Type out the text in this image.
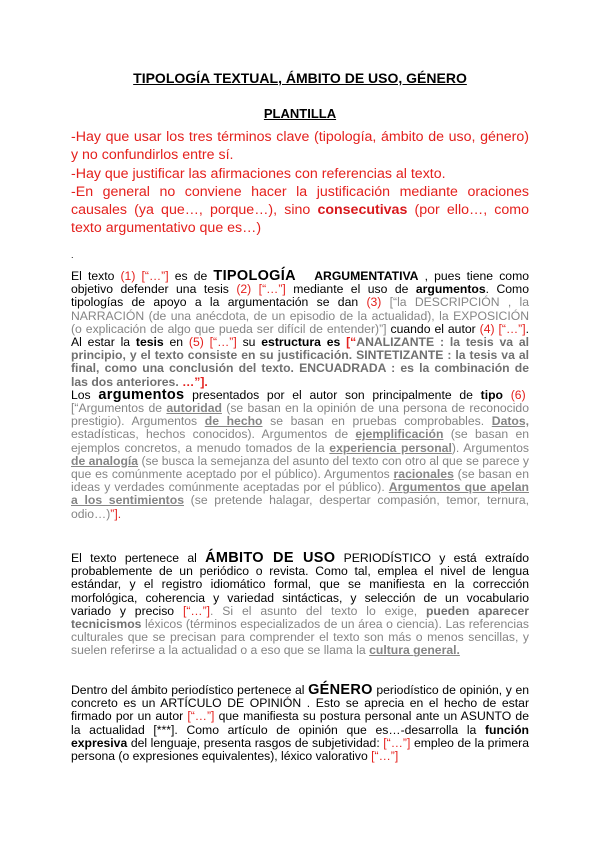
TIPOLOGÍA TEXTUAL, ÁMBITO DE USO, GÉNERO
PLANTILLA

-Hay que usar los tres términos clave (tipología, ámbito de uso, género) y no confundirlos entre sí.

-Hay que justificar las afirmaciones con referencias al texto.

-En general no conviene hacer la justificación mediante oraciones causales (ya que…, porque…), sino consecutivas (por ello…, como texto argumentativo que es…)

.

El texto (1) [“…”] es de TIPOLOGÍA ARGUMENTATIVA , pues tiene como objetivo defender una tesis (2) [“…”] mediante el uso de argumentos. Como tipologías de apoyo a la argumentación se dan (3) [“la DESCRIPCIÓN , la NARRACIÓN (de una anécdota, de un episodio de la actualidad), la EXPOSICIÓN (o explicación de algo que pueda ser difícil de entender)”] cuando el autor (4) [“…”]. Al estar la tesis en (5) [“…”] su estructura es [“ANALIZANTE : la tesis va al principio, y el texto consiste en su justificación. SINTETIZANTE : la tesis va al final, como una conclusión del texto. ENCUADRADA : es la combinación de las dos anteriores. …”].

Los argumentos presentados por el autor son principalmente de tipo (6)  [“Argumentos de autoridad (se basan en la opinión de una persona de reconocido prestigio). Argumentos de hecho se basan en pruebas comprobables. Datos, estadísticas, hechos conocidos). Argumentos de ejemplificación (se basan en ejemplos concretos, a menudo tomados de la experiencia personal). Argumentos de analogía (se busca la semejanza del asunto del texto con otro al que se parece y que es comúnmente aceptado por el público). Argumentos racionales (se basan en ideas y verdades comúnmente aceptadas por el público). Argumentos que apelan a los sentimientos (se pretende halagar, despertar compasión, temor, ternura, odio…)”].

El texto pertenece al ÁMBITO DE USO PERIODÍSTICO y está extraído probablemente de un periódico o revista. Como tal, emplea el nivel de lengua estándar, y el registro idiomático formal, que se manifiesta en la corrección morfológica, coherencia y variedad sintácticas, y selección de un vocabulario variado y preciso [“…”]. Si el asunto del texto lo exige, pueden aparecer tecnicismos léxicos (términos especializados de un área o ciencia). Las referencias culturales que se precisan para comprender el texto son más o menos sencillas, y suelen referirse a la actualidad o a eso que se llama la cultura general.

Dentro del ámbito periodístico pertenece al GÉNERO periodístico de opinión, y en concreto es un ARTÍCULO DE OPINIÓN . Esto se aprecia en el hecho de estar firmado por un autor [“…”] que manifiesta su postura personal ante un ASUNTO de la actualidad [***]. Como artículo de opinión que es…-desarrolla la función expresiva del lenguaje, presenta rasgos de subjetividad: [“…”] empleo de la primera persona (o expresiones equivalentes), léxico valorativo [“…”]
